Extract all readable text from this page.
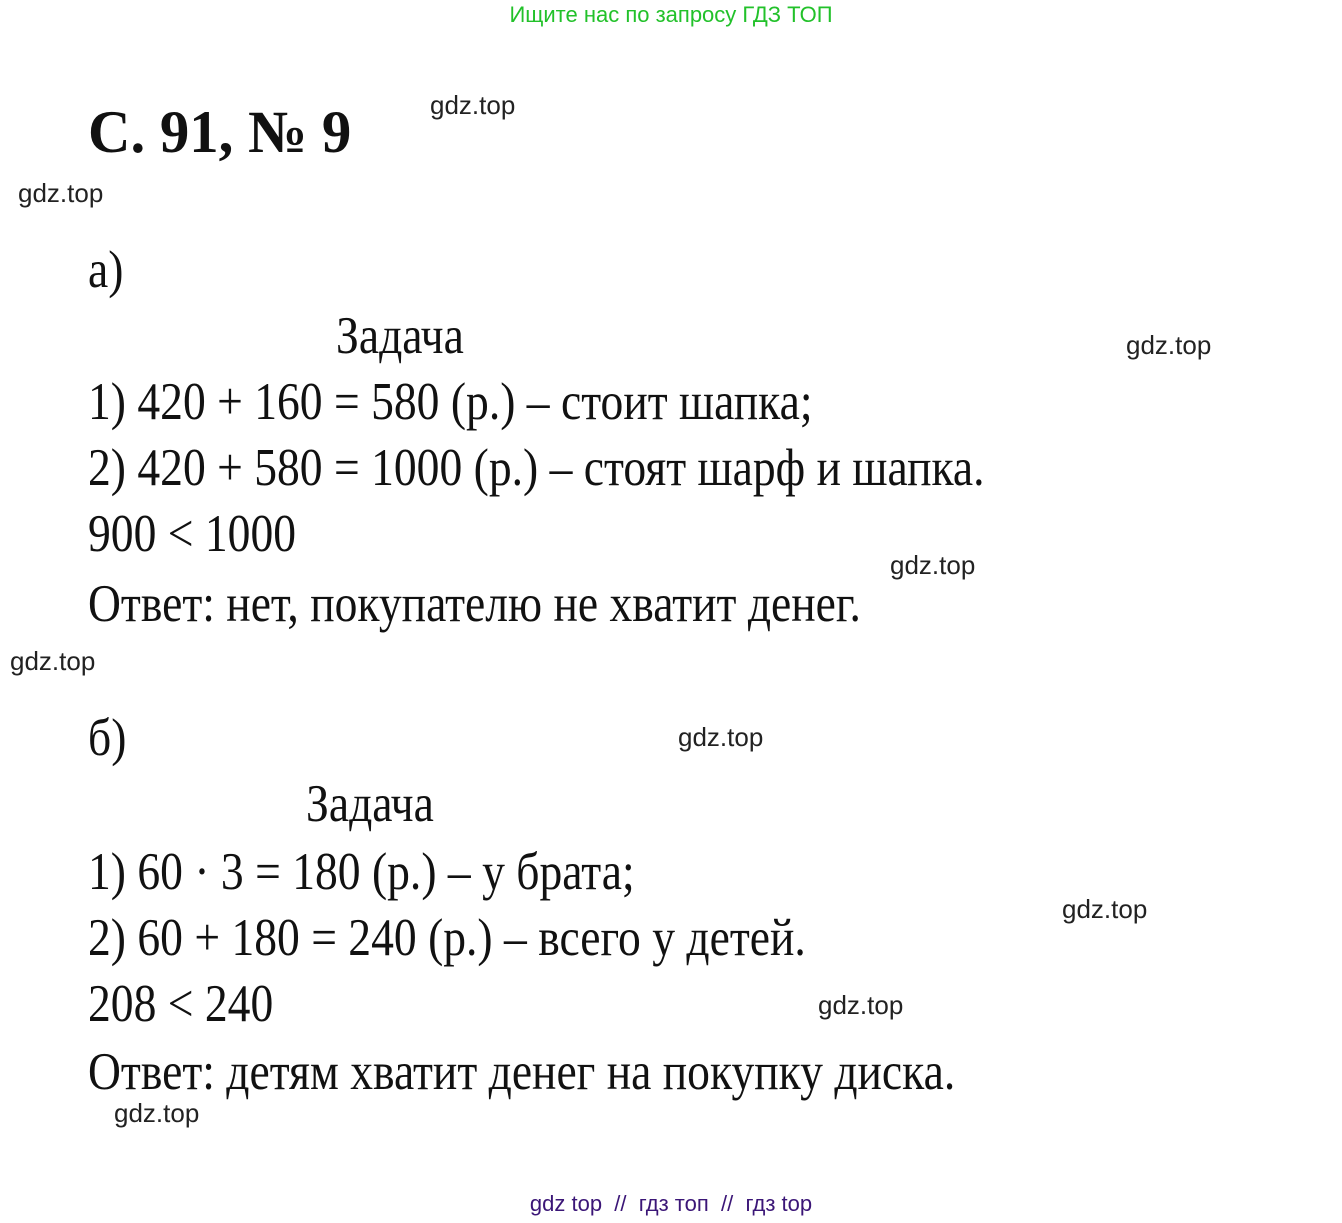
Ищите нас по запросу ГДЗ ТОП
С. 91, № 9	gdz.top
gdz.top
gdz.top
gdz.top
gdz.top
gdz.top
gdz.top
gdz.top
gdz.top
а)
Задача
1) 420 + 160 = 580 (р.) – стоит шапка;
2) 420 + 580 = 1000 (р.) – стоят шарф и шапка.
900 < 1000
Ответ: нет, покупателю не хватит денег.
б)
Задача
1) 60 · 3 = 180 (р.) – у брата;
2) 60 + 180 = 240 (р.) – всего у детей.
208 < 240
Ответ: детям хватит денег на покупку диска.
gdz top  //  гдз топ  //  гдз top
